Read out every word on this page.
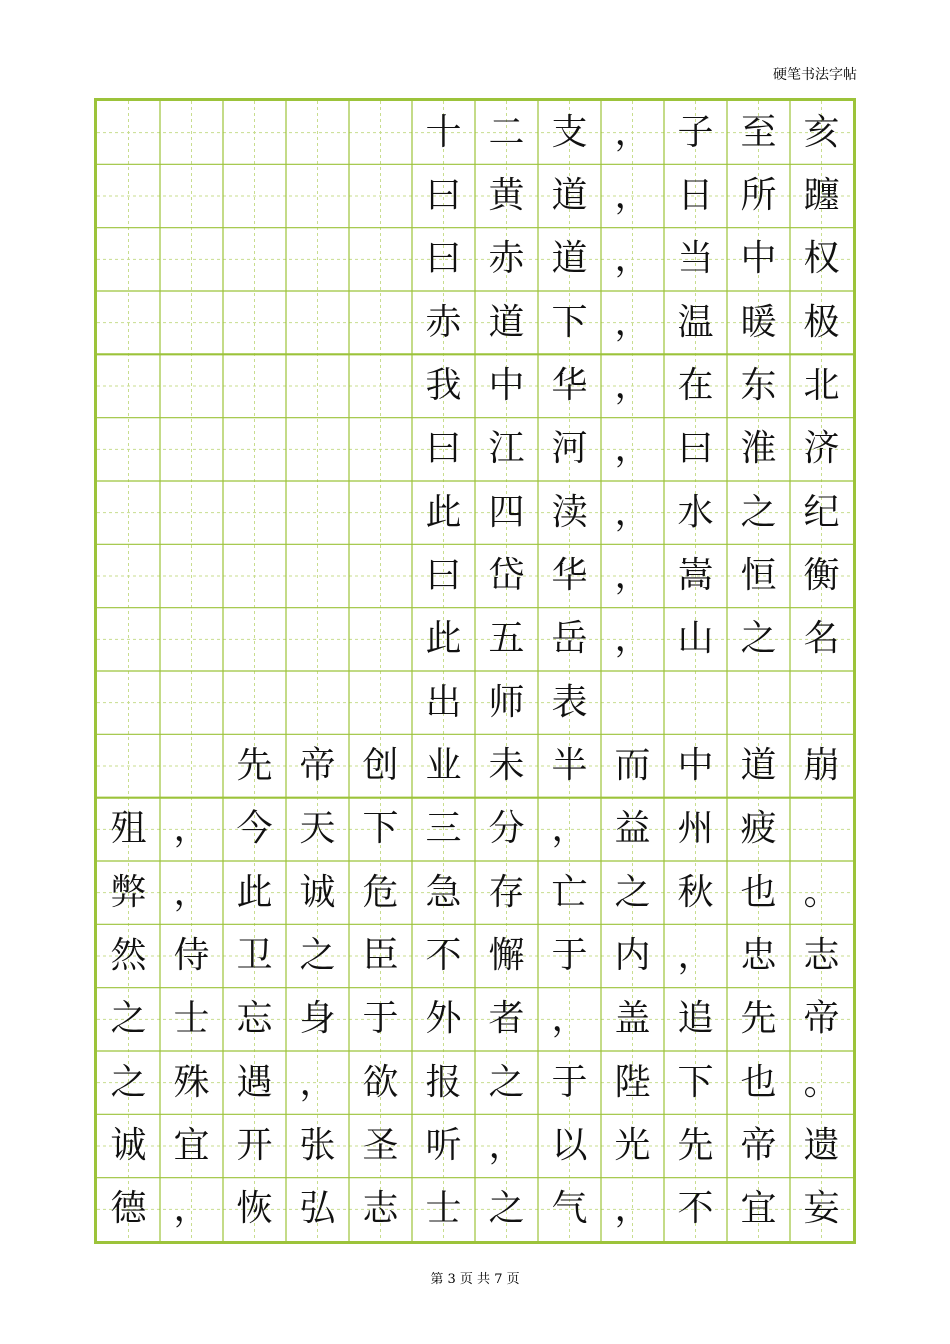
硬笔书法字帖
十 二 支 ， 子 至 亥
曰 黄 道 ， 日 所 躔
曰 赤 道 ， 当 中 权
赤 道 下 ， 温 暖 极
我 中 华 ， 在 东 北
曰 江 河 ， 曰 淮 济
此 四 渎 ， 水 之 纪
曰 岱 华 ， 嵩 恒 衡
此 五 岳 ， 山 之 名
出 师 表
先 帝 创 业 未 半 而 中 道 崩
殂 ， 今 天 下 三 分 ， 益 州 疲
弊 ， 此 诚 危 急 存 亡 之 秋 也 。
然 侍 卫 之 臣 不 懈 于 内 ， 忠 志
之 士 忘 身 于 外 者 ， 盖 追 先 帝
之 殊 遇 ， 欲 报 之 于 陛 下 也 。
诚 宜 开 张 圣 听 ， 以 光 先 帝 遗
德 ， 恢 弘 志 士 之 气 ， 不 宜 妄
第 3 页 共 7 页
